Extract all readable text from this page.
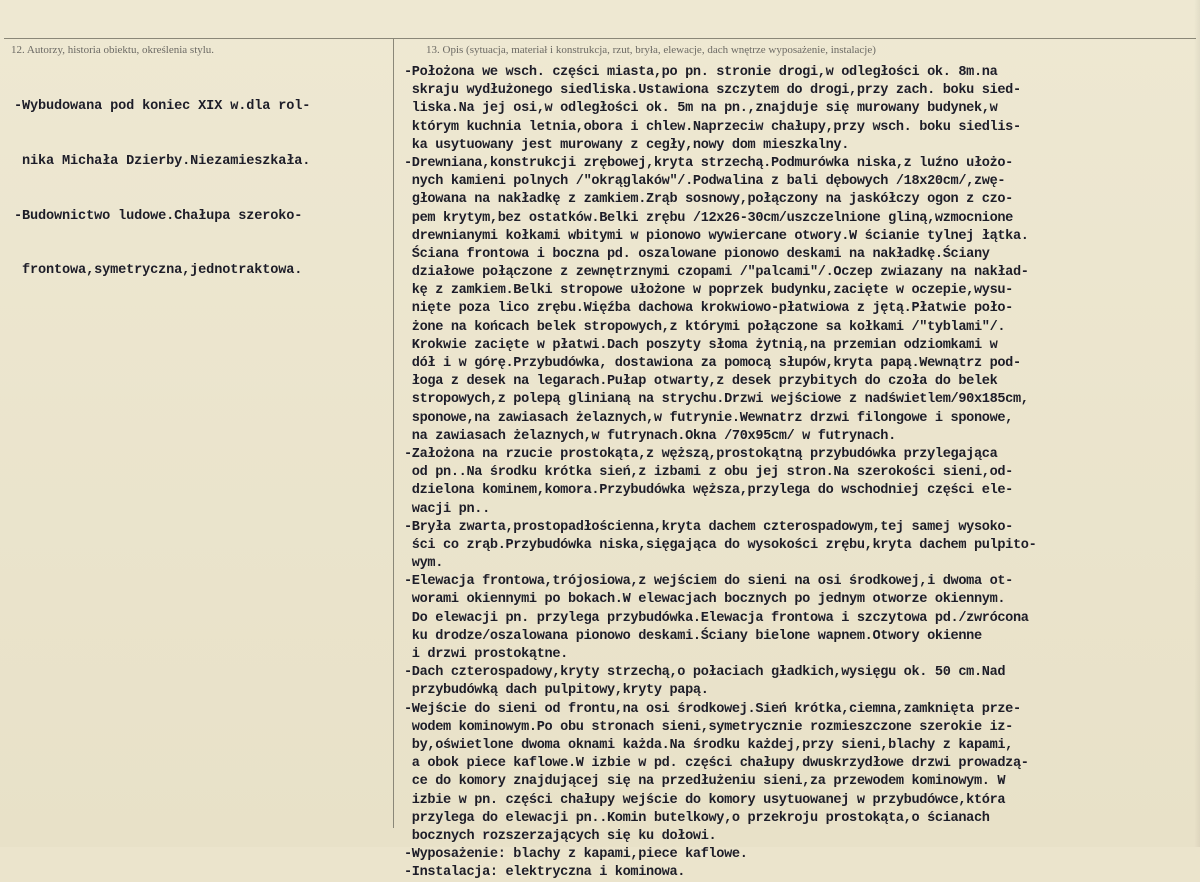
12. Autorzy, historia obiektu, określenia stylu.

-Wybudowana pod koniec XIX w.dla rol-

nika Michała Dzierby.Niezamieszkała.

-Budownictwo ludowe.Chałupa szeroko-

frontowa,symetryczna,jednotraktowa.

13. Opis (sytuacja, materiał i konstrukcja, rzut, bryła, elewacje, dach wnętrze wyposażenie, instalacje)
-Położona we wsch. części miasta,po pn. stronie drogi,w odległości ok. 8m.na
skraju wydłużonego siedliska.Ustawiona szczytem do drogi,przy zach. boku sied-
liska.Na jej osi,w odległości ok. 5m na pn.,znajduje się murowany budynek,w
którym kuchnia letnia,obora i chlew.Naprzeciw chałupy,przy wsch. boku siedlis-
ka usytuowany jest murowany z cegły,nowy dom mieszkalny.
-Drewniana,konstrukcji zrębowej,kryta strzechą.Podmurówka niska,z luźno ułożo-
nych kamieni polnych /"okrąglaków"/.Podwalina z bali dębowych /18x20cm/,zwę-
głowana na nakładkę z zamkiem.Zrąb sosnowy,połączony na jaskółczy ogon z czo-
pem krytym,bez ostatków.Belki zrębu /12x26-30cm/uszczelnione gliną,wzmocnione
drewnianymi kołkami wbitymi w pionowo wywiercane otwory.W ścianie tylnej łątka.
Ściana frontowa i boczna pd. oszalowane pionowo deskami na nakładkę.Ściany
działowe połączone z zewnętrznymi czopami /"palcami"/.Oczep zwiazany na nakład-
kę z zamkiem.Belki stropowe ułożone w poprzek budynku,zacięte w oczepie,wysu-
nięte poza lico zrębu.Więźba dachowa krokwiowo-płatwiowa z jętą.Płatwie poło-
żone na końcach belek stropowych,z którymi połączone sa kołkami /"tyblami"/.
Krokwie zacięte w płatwi.Dach poszyty słoma żytnią,na przemian odziomkami w
dół i w górę.Przybudówka, dostawiona za pomocą słupów,kryta papą.Wewnątrz pod-
łoga z desek na legarach.Pułap otwarty,z desek przybitych do czoła do belek
stropowych,z polepą glinianą na strychu.Drzwi wejściowe z nadświetlem/90x185cm,
sponowe,na zawiasach żelaznych,w futrynie.Wewnatrz drzwi filongowe i sponowe,
na zawiasach żelaznych,w futrynach.Okna /70x95cm/ w futrynach.
-Założona na rzucie prostokąta,z węższą,prostokątną przybudówka przylegająca
od pn..Na środku krótka sień,z izbami z obu jej stron.Na szerokości sieni,od-
dzielona kominem,komora.Przybudówka węższa,przylega do wschodniej części ele-
wacji pn..
-Bryła zwarta,prostopadłościenna,kryta dachem czterospadowym,tej samej wysoko-
ści co zrąb.Przybudówka niska,sięgająca do wysokości zrębu,kryta dachem pulpito-
wym.
-Elewacja frontowa,trójosiowa,z wejściem do sieni na osi środkowej,i dwoma ot-
worami okiennymi po bokach.W elewacjach bocznych po jednym otworze okiennym.
Do elewacji pn. przylega przybudówka.Elewacja frontowa i szczytowa pd./zwrócona
ku drodze/oszalowana pionowo deskami.Ściany bielone wapnem.Otwory okienne
i drzwi prostokątne.
-Dach czterospadowy,kryty strzechą,o połaciach gładkich,wysięgu ok. 50 cm.Nad
przybudówką dach pulpitowy,kryty papą.
-Wejście do sieni od frontu,na osi środkowej.Sień krótka,ciemna,zamknięta prze-
wodem kominowym.Po obu stronach sieni,symetrycznie rozmieszczone szerokie iz-
by,oświetlone dwoma oknami każda.Na środku każdej,przy sieni,blachy z kapami,
a obok piece kaflowe.W izbie w pd. części chałupy dwuskrzydłowe drzwi prowadzą-
ce do komory znajdującej się na przedłużeniu sieni,za przewodem kominowym. W
izbie w pn. części chałupy wejście do komory usytuowanej w przybudówce,która
przylega do elewacji pn..Komin butelkowy,o przekroju prostokąta,o ścianach
bocznych rozszerzających się ku dołowi.
-Wyposażenie: blachy z kapami,piece kaflowe.
-Instalacja: elektryczna i kominowa.
